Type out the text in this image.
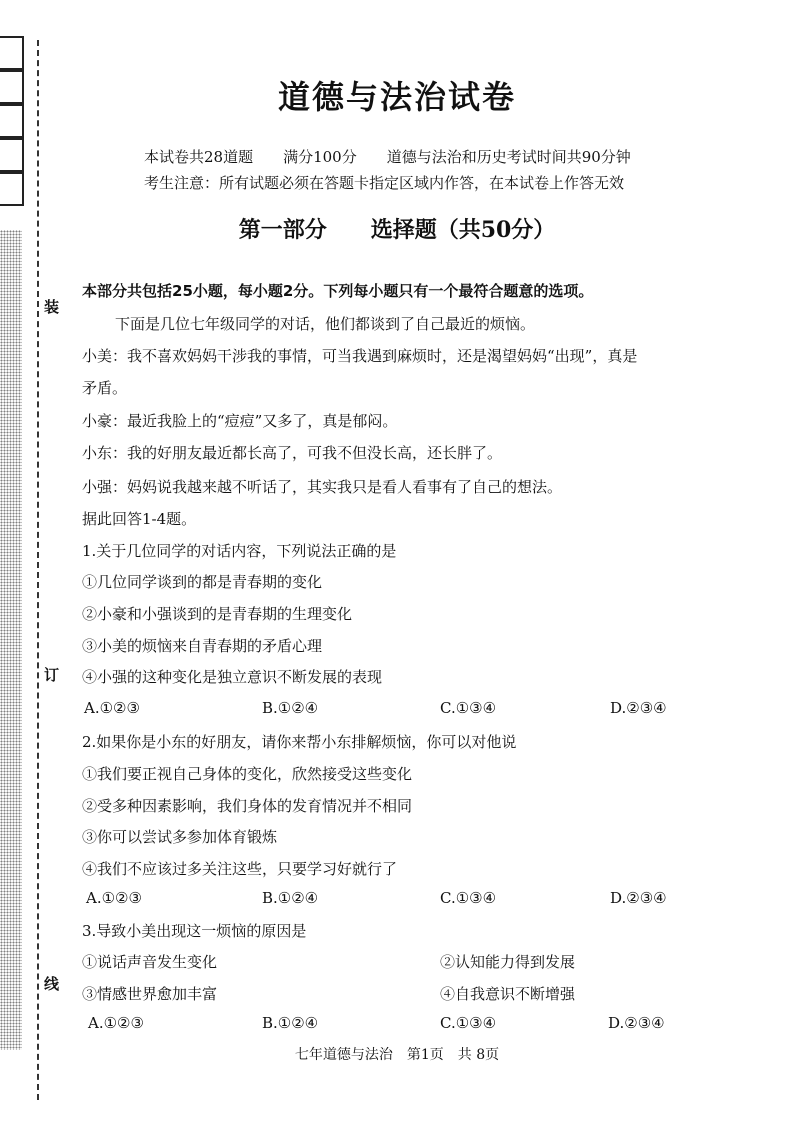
装
订
线
道德与法治试卷
本试卷共28道题　　满分100分　　道德与法治和历史考试时间共90分钟
考生注意：所有试题必须在答题卡指定区域内作答，在本试卷上作答无效
第一部分　　选择题（共50分）
本部分共包括25小题，每小题2分。下列每小题只有一个最符合题意的选项。
下面是几位七年级同学的对话，他们都谈到了自己最近的烦恼。
小美：我不喜欢妈妈干涉我的事情，可当我遇到麻烦时，还是渴望妈妈“出现”，真是
矛盾。
小豪：最近我脸上的“痘痘”又多了，真是郁闷。
小东：我的好朋友最近都长高了，可我不但没长高，还长胖了。
小强：妈妈说我越来越不听话了，其实我只是看人看事有了自己的想法。
据此回答1-4题。
1.关于几位同学的对话内容，下列说法正确的是
①几位同学谈到的都是青春期的变化
②小豪和小强谈到的是青春期的生理变化
③小美的烦恼来自青春期的矛盾心理
④小强的这种变化是独立意识不断发展的表现
A.①②③	B.①②④	C.①③④	D.②③④
2.如果你是小东的好朋友，请你来帮小东排解烦恼，你可以对他说
①我们要正视自己身体的变化，欣然接受这些变化
②受多种因素影响，我们身体的发育情况并不相同
③你可以尝试多参加体育锻炼
④我们不应该过多关注这些，只要学习好就行了
A.①②③	B.①②④	C.①③④	D.②③④
3.导致小美出现这一烦恼的原因是
①说话声音发生变化	②认知能力得到发展
③情感世界愈加丰富	④自我意识不断增强
A.①②③	B.①②④	C.①③④	D.②③④
七年道德与法治　第1页　共 8页
